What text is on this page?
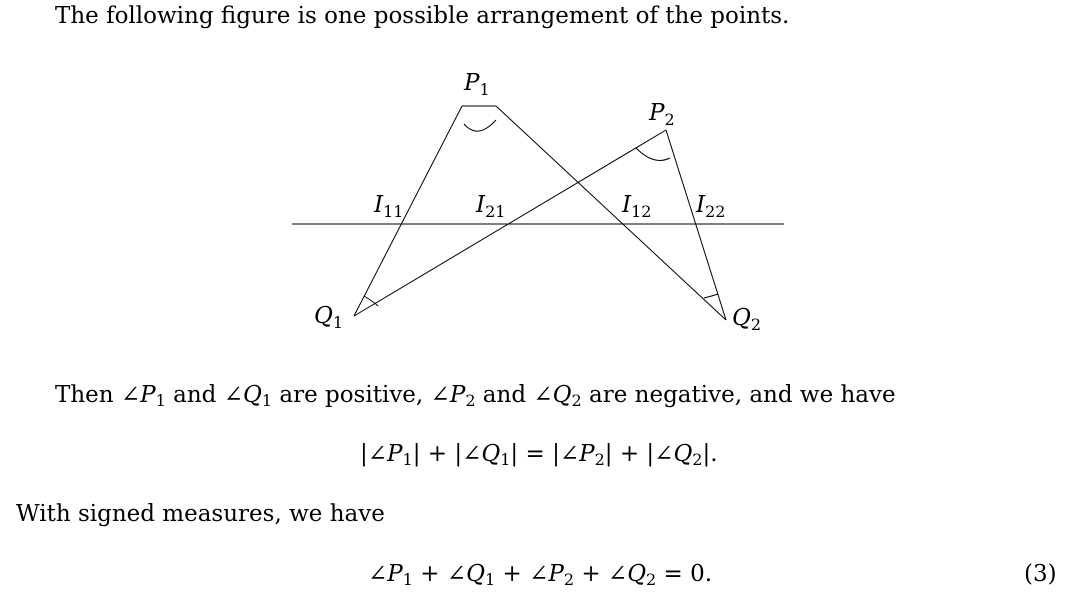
The following figure is one possible arrangement of the points.
$P_1$
$P_2$
$Q_1$	$Q_2$
$I_{11}$	$I_{21}$	$I_{12}$ $I_{22}$
Then $\angle P_1$ and $\angle Q_1$ are positive, $\angle P_2$ and $\angle Q_2$ are negative, and we have
$|\angle P_1|$ + $|\angle Q_1|$ = $|\angle P_2|$ + $|\angle Q_2|$.
With signed measures, we have
$\angle P_1$ + $\angle Q_1$ + $\angle P_2$ + $\angle Q_2 = 0$.	(3)
